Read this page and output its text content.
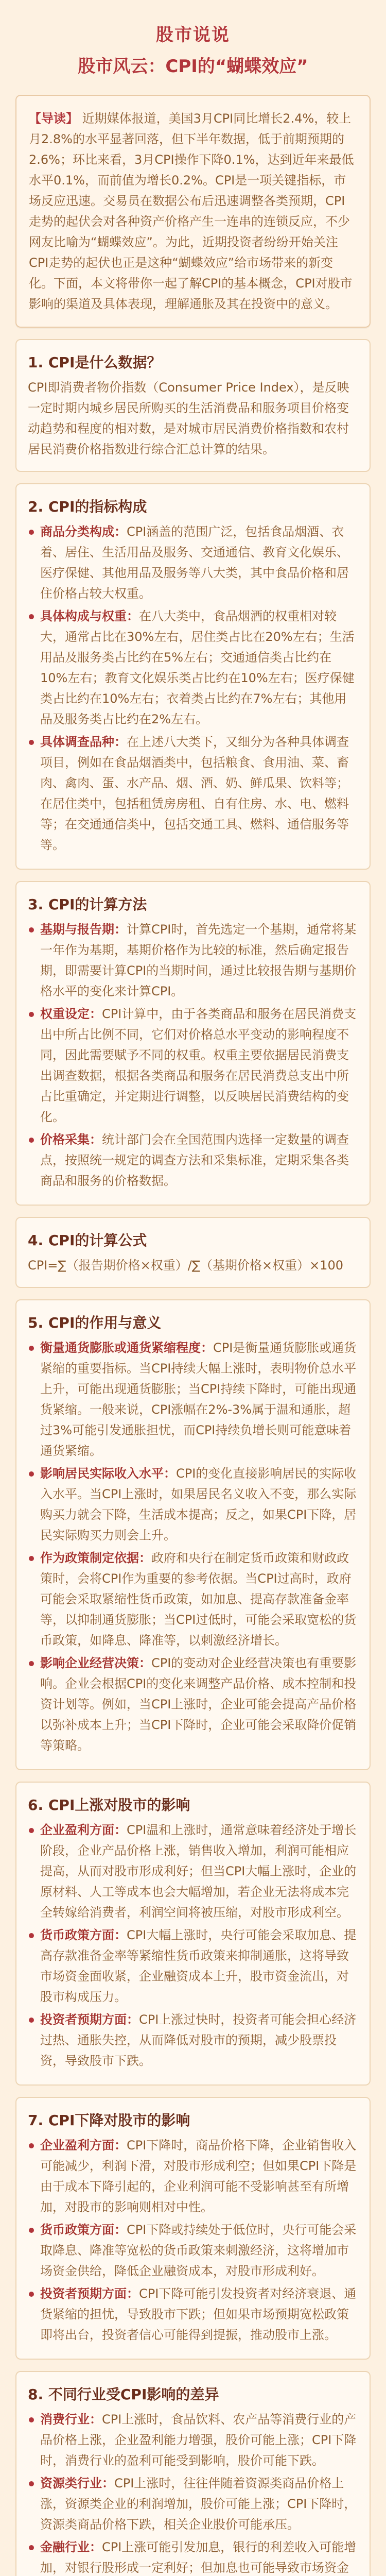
股市说说
股市风云：CPI的“蝴蝶效应”
【导读】 近期媒体报道，美国3月CPI同比增长2.4%，较上月2.8%的水平显著回落，但下半年数据，低于前期预期的2.6%；环比来看，3月CPI操作下降0.1%，达到近年来最低水平0.1%，而前值为增长0.2%。CPI是一项关键指标，市场反应迅速。交易员在数据公布后迅速调整各类预期，CPI走势的起伏会对各种资产价格产生一连串的连锁反应，不少网友比喻为“蝴蝶效应”。为此，近期投资者纷纷开始关注CPI走势的起伏也正是这种“蝴蝶效应”给市场带来的新变化。下面，本文将带你一起了解CPI的基本概念，CPI对股市影响的渠道及具体表现，理解通胀及其在投资中的意义。
1. CPI是什么数据？

CPI即消费者物价指数（Consumer Price Index），是反映一定时期内城乡居民所购买的生活消费品和服务项目价格变动趋势和程度的相对数，是对城市居民消费价格指数和农村居民消费价格指数进行综合汇总计算的结果。

2. CPI的指标构成
商品分类构成：CPI涵盖的范围广泛，包括食品烟酒、衣着、居住、生活用品及服务、交通通信、教育文化娱乐、医疗保健、其他用品及服务等八大类，其中食品价格和居住价格占较大权重。
具体构成与权重：在八大类中，食品烟酒的权重相对较大，通常占比在30%左右，居住类占比在20%左右；生活用品及服务类占比约在5%左右；交通通信类占比约在10%左右；教育文化娱乐类占比约在10%左右；医疗保健类占比约在10%左右；衣着类占比约在7%左右；其他用品及服务类占比约在2%左右。
具体调查品种：在上述八大类下，又细分为各种具体调查项目，例如在食品烟酒类中，包括粮食、食用油、菜、畜肉、禽肉、蛋、水产品、烟、酒、奶、鲜瓜果、饮料等；在居住类中，包括租赁房房租、自有住房、水、电、燃料等；在交通通信类中，包括交通工具、燃料、通信服务等等。
3. CPI的计算方法
基期与报告期：计算CPI时，首先选定一个基期，通常将某一年作为基期，基期价格作为比较的标准，然后确定报告期，即需要计算CPI的当期时间，通过比较报告期与基期价格水平的变化来计算CPI。
权重设定：CPI计算中，由于各类商品和服务在居民消费支出中所占比例不同，它们对价格总水平变动的影响程度不同，因此需要赋予不同的权重。权重主要依据居民消费支出调查数据，根据各类商品和服务在居民消费总支出中所占比重确定，并定期进行调整，以反映居民消费结构的变化。
价格采集：统计部门会在全国范围内选择一定数量的调查点，按照统一规定的调查方法和采集标准，定期采集各类商品和服务的价格数据。
4. CPI的计算公式
CPI=∑（报告期价格×权重）/∑（基期价格×权重）×100
5. CPI的作用与意义
衡量通货膨胀或通货紧缩程度：CPI是衡量通货膨胀或通货紧缩的重要指标。当CPI持续大幅上涨时，表明物价总水平上升，可能出现通货膨胀；当CPI持续下降时，可能出现通货紧缩。一般来说，CPI涨幅在2%-3%属于温和通胀，超过3%可能引发通胀担忧，而CPI持续负增长则可能意味着通货紧缩。
影响居民实际收入水平：CPI的变化直接影响居民的实际收入水平。当CPI上涨时，如果居民名义收入不变，那么实际购买力就会下降，生活成本提高；反之，如果CPI下降，居民实际购买力则会上升。
作为政策制定依据：政府和央行在制定货币政策和财政政策时，会将CPI作为重要的参考依据。当CPI过高时，政府可能会采取紧缩性货币政策，如加息、提高存款准备金率等，以抑制通货膨胀；当CPI过低时，可能会采取宽松的货币政策，如降息、降准等，以刺激经济增长。
影响企业经营决策：CPI的变动对企业经营决策也有重要影响。企业会根据CPI的变化来调整产品价格、成本控制和投资计划等。例如，当CPI上涨时，企业可能会提高产品价格以弥补成本上升；当CPI下降时，企业可能会采取降价促销等策略。
6. CPI上涨对股市的影响
企业盈利方面：CPI温和上涨时，通常意味着经济处于增长阶段，企业产品价格上涨，销售收入增加，利润可能相应提高，从而对股市形成利好；但当CPI大幅上涨时，企业的原材料、人工等成本也会大幅增加，若企业无法将成本完全转嫁给消费者，利润空间将被压缩，对股市形成利空。
货币政策方面：CPI大幅上涨时，央行可能会采取加息、提高存款准备金率等紧缩性货币政策来抑制通胀，这将导致市场资金面收紧，企业融资成本上升，股市资金流出，对股市构成压力。
投资者预期方面：CPI上涨过快时，投资者可能会担心经济过热、通胀失控，从而降低对股市的预期，减少股票投资，导致股市下跌。
7. CPI下降对股市的影响
企业盈利方面：CPI下降时，商品价格下降，企业销售收入可能减少，利润下滑，对股市形成利空；但如果CPI下降是由于成本下降引起的，企业利润可能不受影响甚至有所增加，对股市的影响则相对中性。
货币政策方面：CPI下降或持续处于低位时，央行可能会采取降息、降准等宽松的货币政策来刺激经济，这将增加市场资金供给，降低企业融资成本，对股市形成利好。
投资者预期方面：CPI下降可能引发投资者对经济衰退、通货紧缩的担忧，导致股市下跌；但如果市场预期宽松政策即将出台，投资者信心可能得到提振，推动股市上涨。
8. 不同行业受CPI影响的差异
消费行业：CPI上涨时，食品饮料、农产品等消费行业的产品价格上涨，企业盈利能力增强，股价可能上涨；CPI下降时，消费行业的盈利可能受到影响，股价可能下跌。
资源类行业：CPI上涨时，往往伴随着资源类商品价格上涨，资源类企业的利润增加，股价可能上涨；CPI下降时，资源类商品价格下跌，相关企业股价可能承压。
金融行业：CPI上涨可能引发加息，银行的利差收入可能增加，对银行股形成一定利好；但加息也可能导致市场资金
